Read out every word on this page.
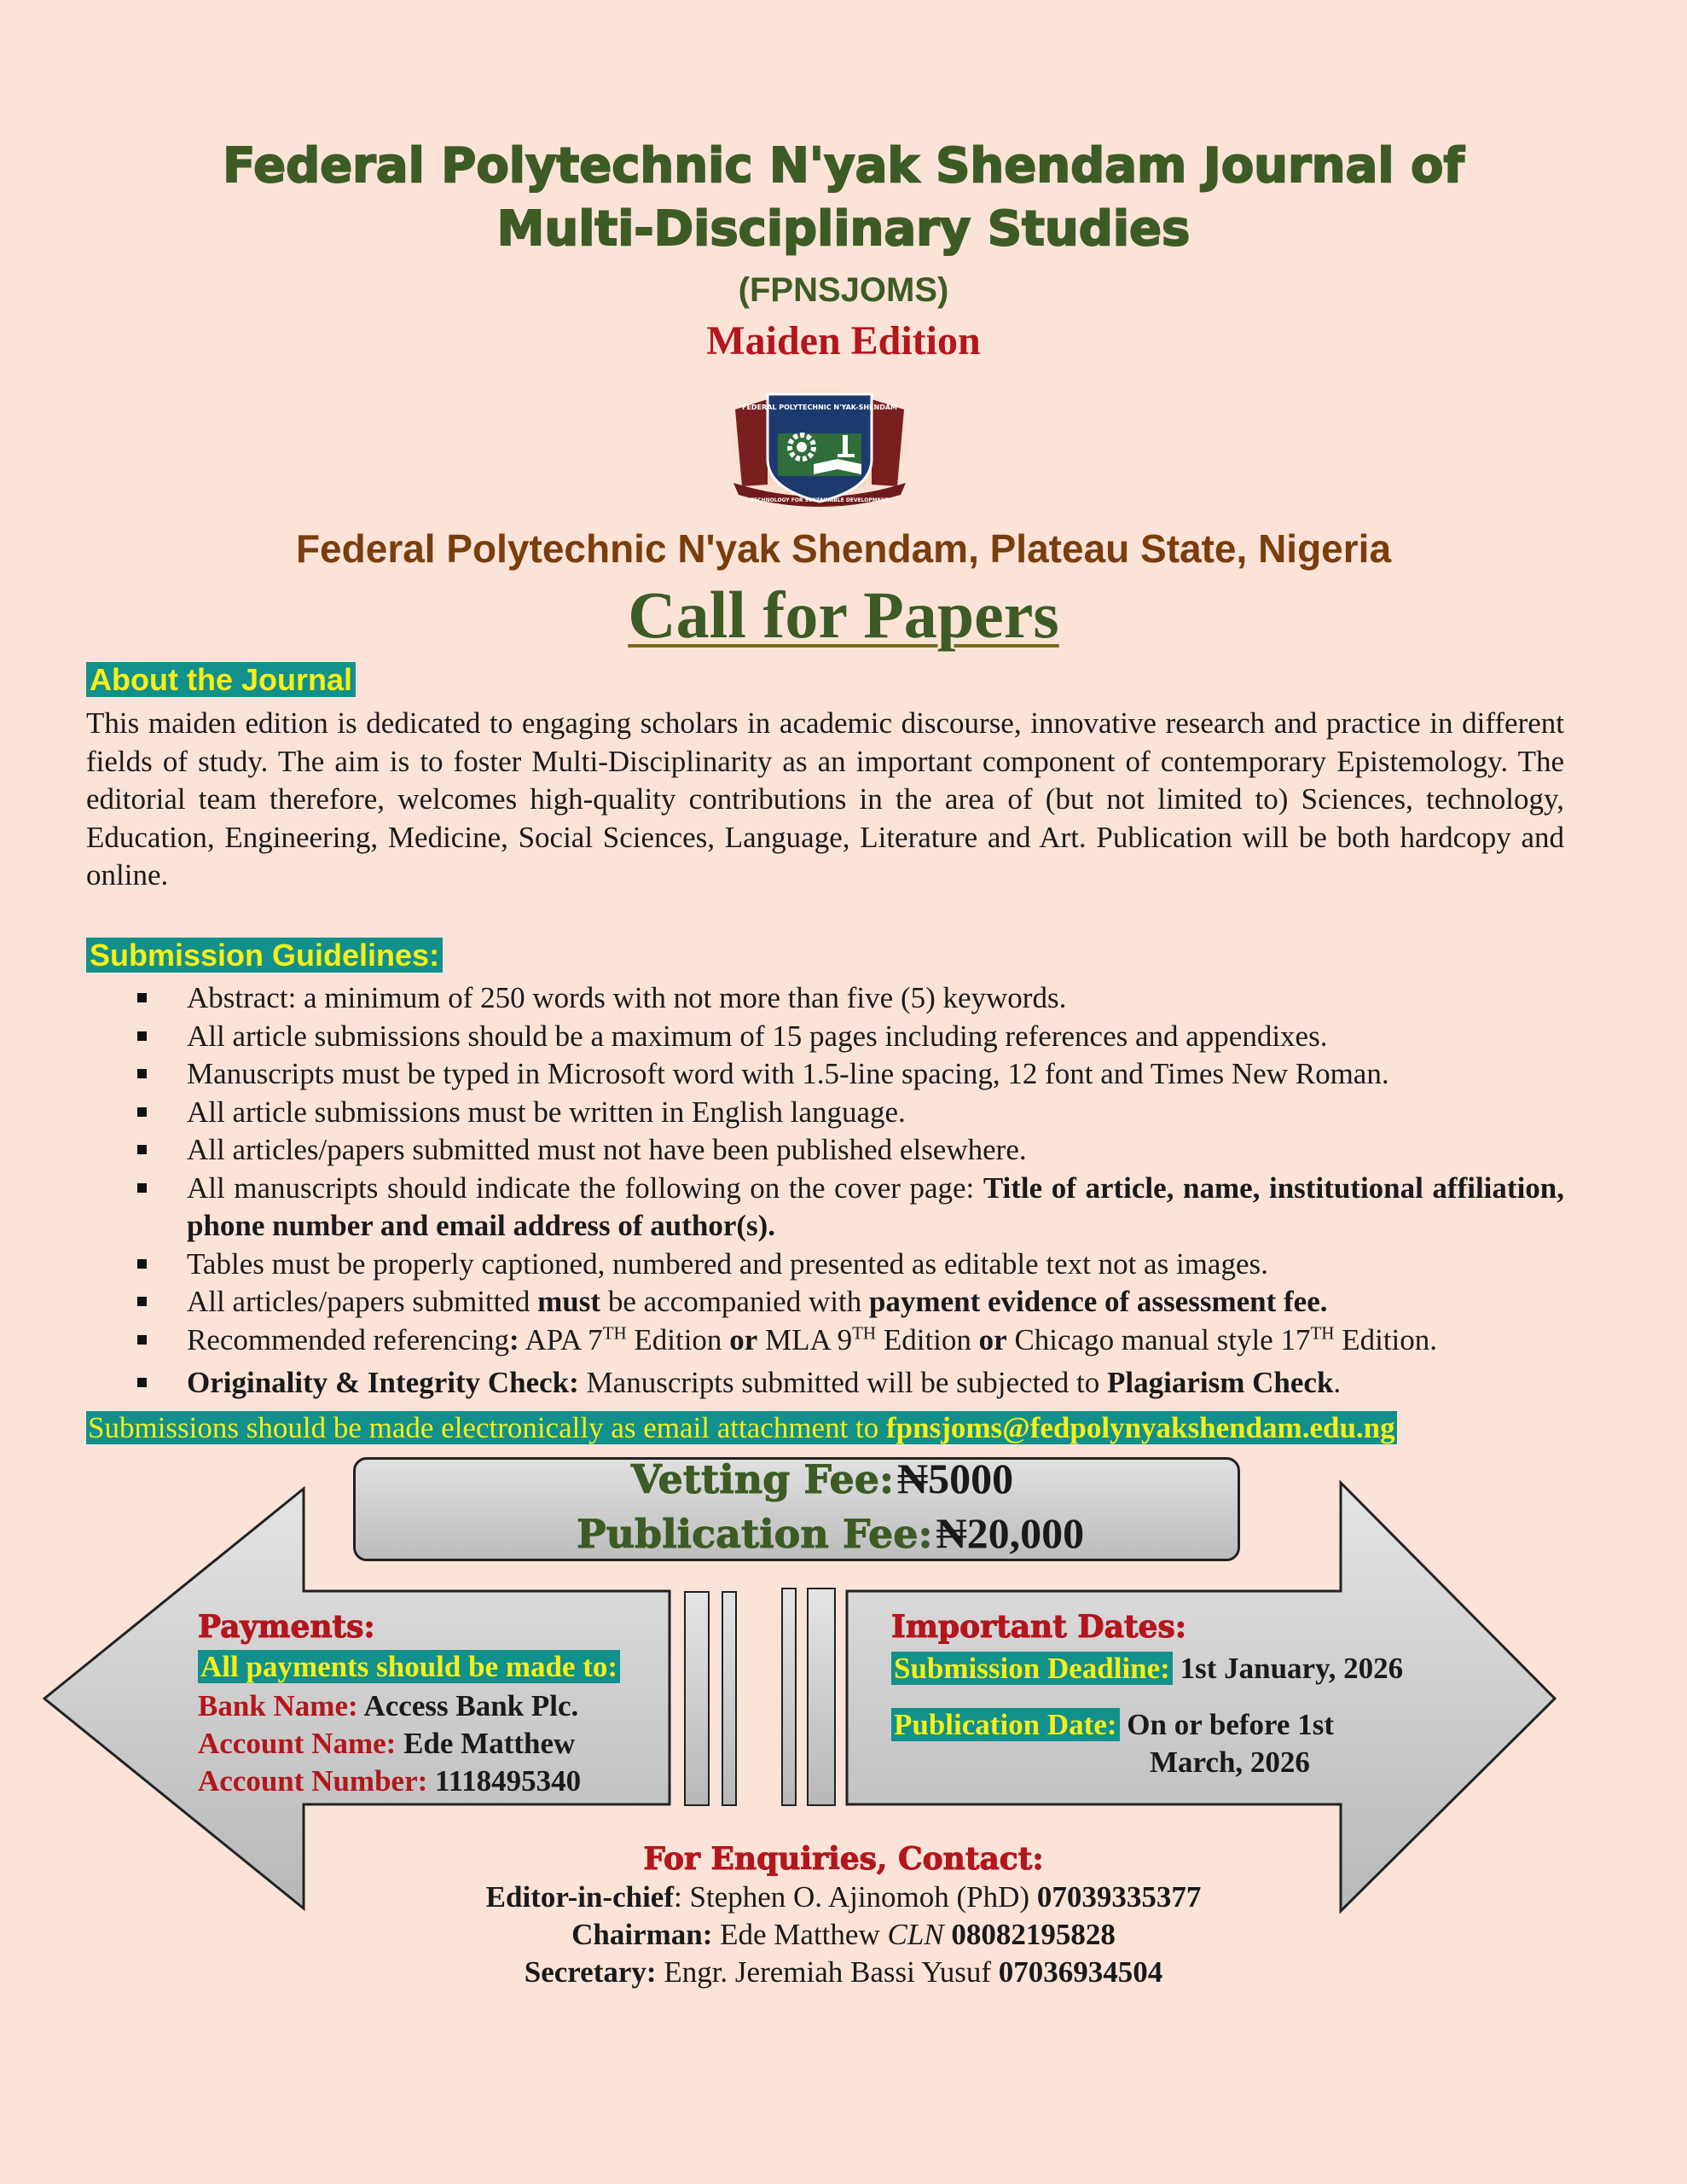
Federal Polytechnic N'yak Shendam Journal of
Multi-Disciplinary Studies
(FPNSJOMS)
Maiden Edition
FEDERAL POLYTECHNIC N'YAK-SHENDAM
TECHNOLOGY FOR SUSTAINABLE DEVELOPMENT
Federal Polytechnic N'yak Shendam, Plateau State, Nigeria
Call for Papers
About the Journal
This maiden edition is dedicated to engaging scholars in academic discourse, innovative research and practice in different fields of study. The aim is to foster Multi-Disciplinarity as an important component of contemporary Epistemology. The editorial team therefore, welcomes high-quality contributions in the area of (but not limited to) Sciences, technology, Education, Engineering, Medicine, Social Sciences, Language, Literature and Art. Publication will be both hardcopy and online.
Submission Guidelines:
Abstract: a minimum of 250 words with not more than five (5) keywords.
All article submissions should be a maximum of 15 pages including references and appendixes.
Manuscripts must be typed in Microsoft word with 1.5-line spacing, 12 font and Times New Roman.
All article submissions must be written in English language.
All articles/papers submitted must not have been published elsewhere.
All manuscripts should indicate the following on the cover page: Title of article, name, institutional affiliation, phone number and email address of author(s).
Tables must be properly captioned, numbered and presented as editable text not as images.
All articles/papers submitted must be accompanied with payment evidence of assessment fee.
Recommended referencing: APA 7TH Edition or MLA 9TH Edition or Chicago manual style 17TH Edition.
Originality & Integrity Check: Manuscripts submitted will be subjected to Plagiarism Check.
Submissions should be made electronically as email attachment to fpnsjoms@fedpolynyakshendam.edu.ng
Vetting Fee: ₦5000
Publication Fee: ₦20,000
Payments:
All payments should be made to:
Bank Name: Access Bank Plc.
Account Name: Ede Matthew
Account Number: 1118495340
Important Dates:
Submission Deadline: 1st January, 2026
Publication Date: On or before 1st
March, 2026
For Enquiries, Contact:
Editor-in-chief: Stephen O. Ajinomoh (PhD) 07039335377
Chairman: Ede Matthew CLN 08082195828
Secretary: Engr. Jeremiah Bassi Yusuf 07036934504
